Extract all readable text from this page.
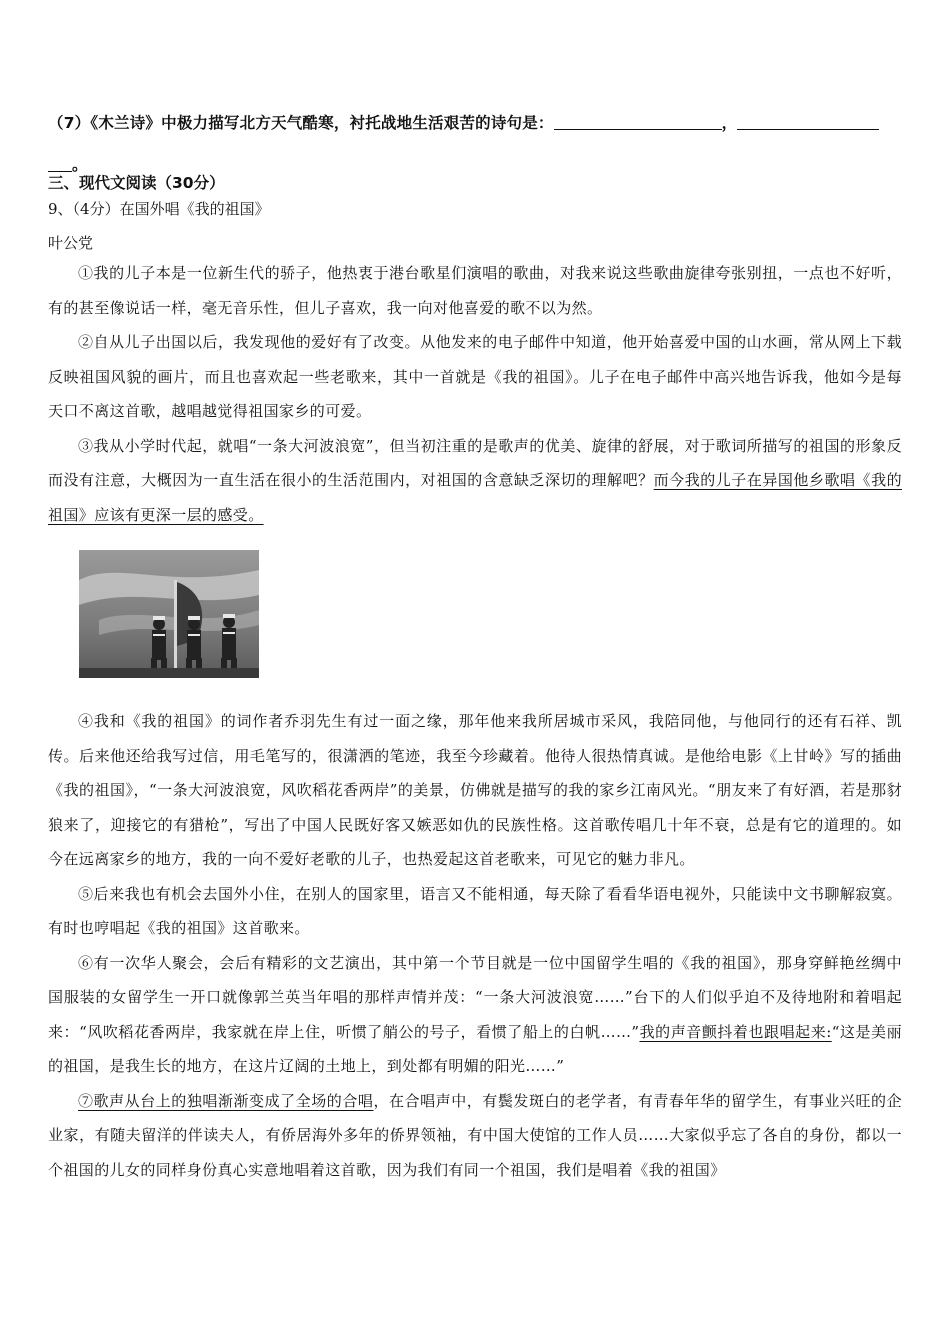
（7）《木兰诗》中极力描写北方天气酷寒，衬托战地生活艰苦的诗句是：	，
。
三、现代文阅读（30分）
9、（4分）在国外唱《我的祖国》
叶公党

①我的儿子本是一位新生代的骄子，他热衷于港台歌星们演唱的歌曲，对我来说这些歌曲旋律夸张别扭，一点也不好听，有的甚至像说话一样，毫无音乐性，但儿子喜欢，我一向对他喜爱的歌不以为然。

②自从儿子出国以后，我发现他的爱好有了改变。从他发来的电子邮件中知道，他开始喜爱中国的山水画，常从网上下载反映祖国风貌的画片，而且也喜欢起一些老歌来，其中一首就是《我的祖国》。儿子在电子邮件中高兴地告诉我，他如今是每天口不离这首歌，越唱越觉得祖国家乡的可爱。

③我从小学时代起，就唱“一条大河波浪宽”，但当初注重的是歌声的优美、旋律的舒展，对于歌词所描写的祖国的形象反而没有注意，大概因为一直生活在很小的生活范围内，对祖国的含意缺乏深切的理解吧？而今我的儿子在异国他乡歌唱《我的祖国》应该有更深一层的感受。

④我和《我的祖国》的词作者乔羽先生有过一面之缘，那年他来我所居城市采风，我陪同他，与他同行的还有石祥、凯传。后来他还给我写过信，用毛笔写的，很潇洒的笔迹，我至今珍藏着。他待人很热情真诚。是他给电影《上甘岭》写的插曲《我的祖国》，“一条大河波浪宽，风吹稻花香两岸”的美景，仿佛就是描写的我的家乡江南风光。“朋友来了有好酒，若是那豺狼来了，迎接它的有猎枪”，写出了中国人民既好客又嫉恶如仇的民族性格。这首歌传唱几十年不衰，总是有它的道理的。如今在远离家乡的地方，我的一向不爱好老歌的儿子，也热爱起这首老歌来，可见它的魅力非凡。

⑤后来我也有机会去国外小住，在别人的国家里，语言又不能相通，每天除了看看华语电视外，只能读中文书聊解寂寞。有时也哼唱起《我的祖国》这首歌来。

⑥有一次华人聚会，会后有精彩的文艺演出，其中第一个节目就是一位中国留学生唱的《我的祖国》，那身穿鲜艳丝绸中国服装的女留学生一开口就像郭兰英当年唱的那样声情并茂：“一条大河波浪宽……”台下的人们似乎迫不及待地附和着唱起来：“风吹稻花香两岸，我家就在岸上住，听惯了艄公的号子，看惯了船上的白帆……”我的声音颤抖着也跟唱起来:“这是美丽的祖国，是我生长的地方，在这片辽阔的土地上，到处都有明媚的阳光……”

⑦歌声从台上的独唱渐渐变成了全场的合唱，在合唱声中，有鬓发斑白的老学者，有青春年华的留学生，有事业兴旺的企业家，有随夫留洋的伴读夫人，有侨居海外多年的侨界领袖，有中国大使馆的工作人员……大家似乎忘了各自的身份，都以一个祖国的儿女的同样身份真心实意地唱着这首歌，因为我们有同一个祖国，我们是唱着《我的祖国》
